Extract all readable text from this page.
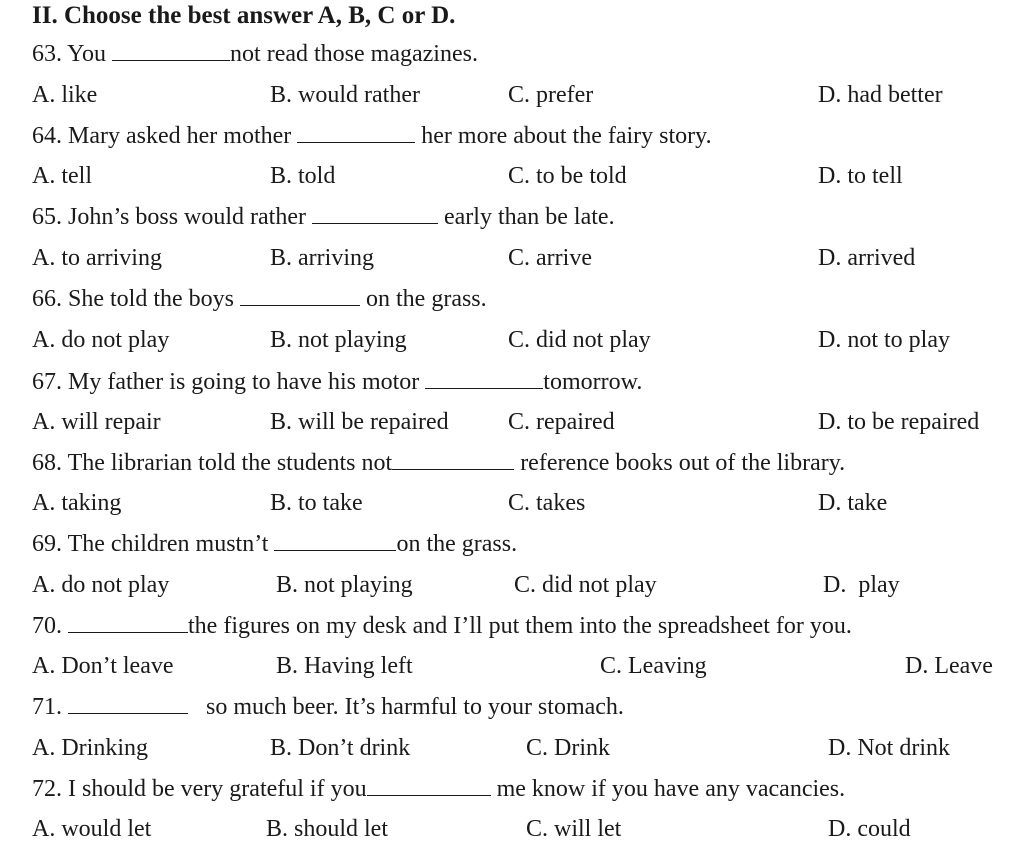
II. Choose the best answer A, B, C or D.
63. You	not read those magazines.
A. like	B. would rather	C. prefer	D. had better
64. Mary asked her mother	her more about the fairy story.
A. tell	B. told	C. to be told	D. to tell
65. John’s boss would rather	early than be late.
A. to arriving	B. arriving	C. arrive	D. arrived
66. She told the boys	on the grass.
A. do not play	B. not playing	C. did not play	D. not to play
67. My father is going to have his motor	tomorrow.
A. will repair	B. will be repaired C. repaired	D. to be repaired
68. The librarian told the students not	reference books out of the library.
A. taking	B. to take	C. takes	D. take
69. The children mustn’t	on the grass.
A. do not play	B. not playing	C. did not play	D.  play
70.	the figures on my desk and I’ll put them into the spreadsheet for you.
A. Don’t leave	B. Having left	C. Leaving	D. Leave
71.	so much beer. It’s harmful to your stomach.
A. Drinking	B. Don’t drink	C. Drink	D. Not drink
72. I should be very grateful if you	me know if you have any vacancies.
A. would let	B. should let	C. will let	D. could
